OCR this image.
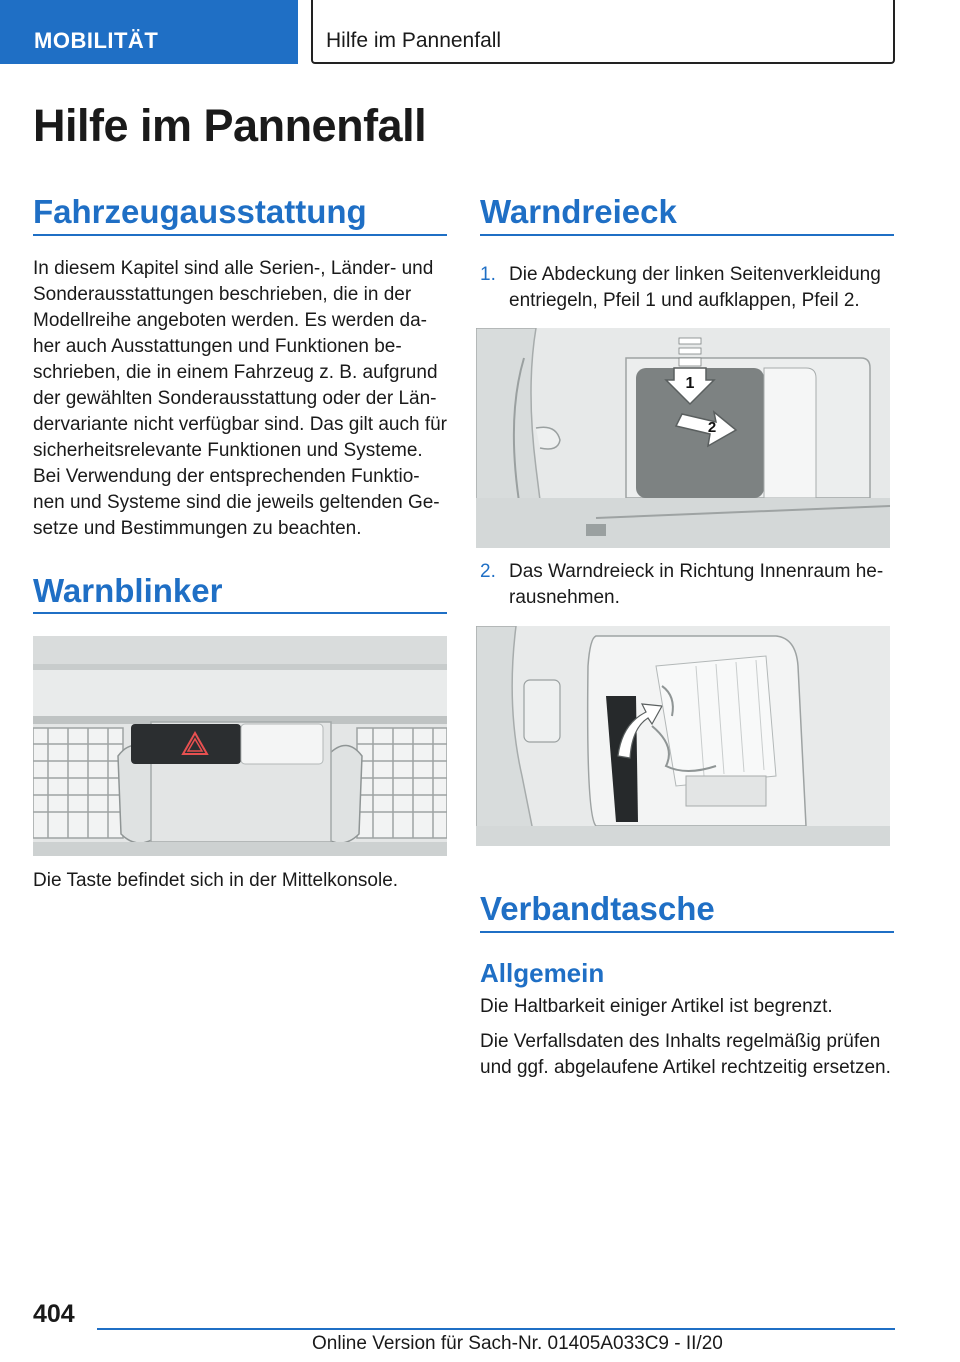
MOBILITÄT	Hilfe im Pannenfall
Hilfe im Pannenfall
Fahrzeugausstattung
In diesem Kapitel sind alle Serien-, Länder- und
Sonderausstattungen beschrieben, die in der
Modellreihe angeboten werden. Es werden da-
her auch Ausstattungen und Funktionen be-
schrieben, die in einem Fahrzeug z. B. aufgrund
der gewählten Sonderausstattung oder der Län-
dervariante nicht verfügbar sind. Das gilt auch für
sicherheitsrelevante Funktionen und Systeme.
Bei Verwendung der entsprechenden Funktio-
nen und Systeme sind die jeweils geltenden Ge-
setze und Bestimmungen zu beachten.
Warnblinker
Die Taste befindet sich in der Mittelkonsole.
Warndreieck
1. Die Abdeckung der linken Seitenverkleidung
entriegeln, Pfeil 1 und aufklappen, Pfeil 2.
1
2
2. Das Warndreieck in Richtung Innenraum he-
rausnehmen.
Verbandtasche
Allgemein
Die Haltbarkeit einiger Artikel ist begrenzt.
Die Verfallsdaten des Inhalts regelmäßig prüfen
und ggf. abgelaufene Artikel rechtzeitig ersetzen.
404
Online Version für Sach-Nr. 01405A033C9 - II/20
